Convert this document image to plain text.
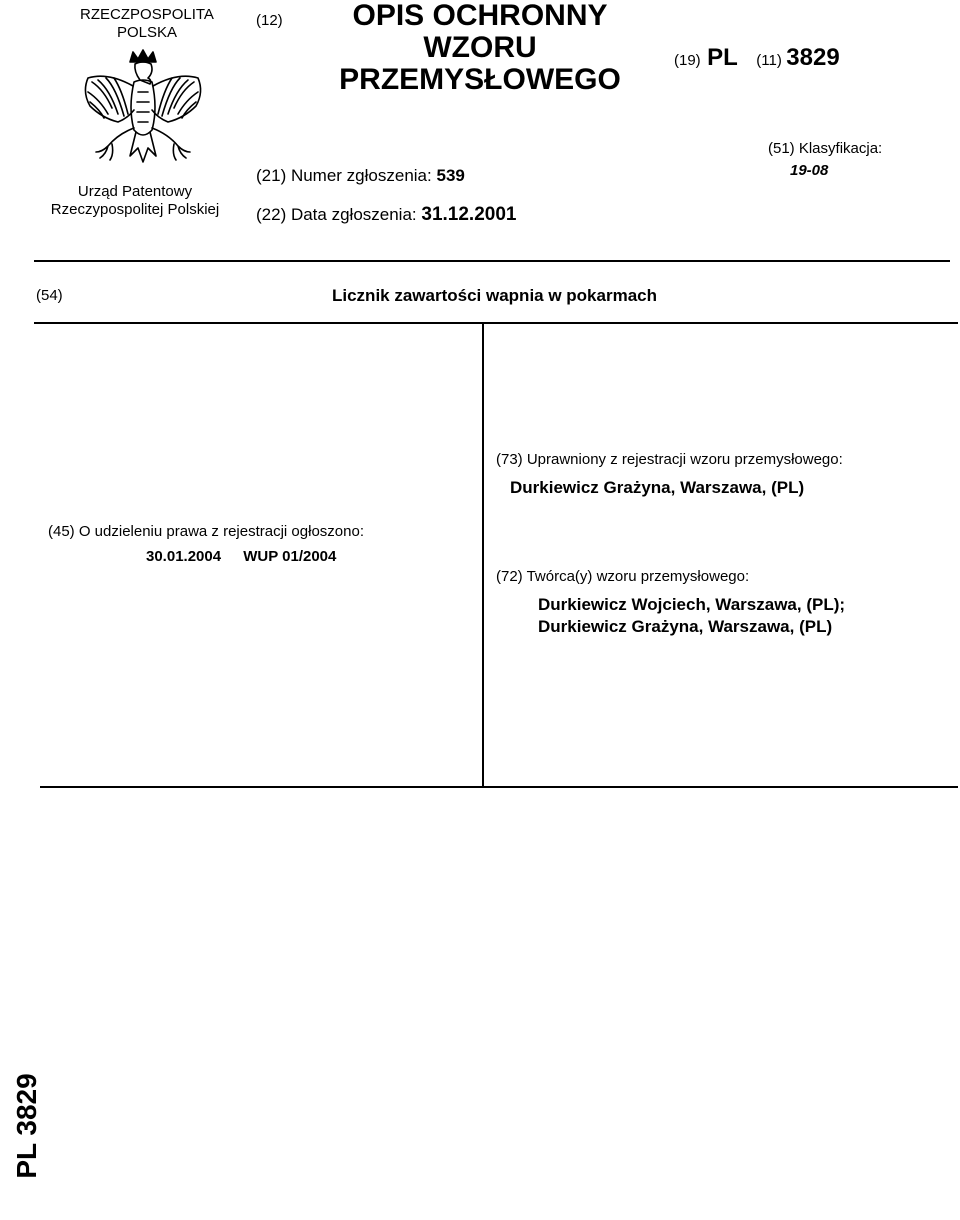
RZECZPOSPOLITA
POLSKA
Urząd Patentowy
Rzeczypospolitej Polskiej
(12)	OPIS OCHRONNY
WZORU
PRZEMYSŁOWEGO
(19) PL (11) 3829
(21) Numer zgłoszenia: 539
(22) Data zgłoszenia: 31.12.2001
(51) Klasyfikacja:
19-08
(54)	Licznik zawartości wapnia w pokarmach
(73) Uprawniony z rejestracji wzoru przemysłowego:
Durkiewicz Grażyna, Warszawa, (PL)
(45) O udzieleniu prawa z rejestracji ogłoszono:
30.01.2004 WUP 01/2004
(72) Twórca(y) wzoru przemysłowego:
Durkiewicz Wojciech, Warszawa, (PL);
Durkiewicz Grażyna, Warszawa, (PL)
PL 3829
